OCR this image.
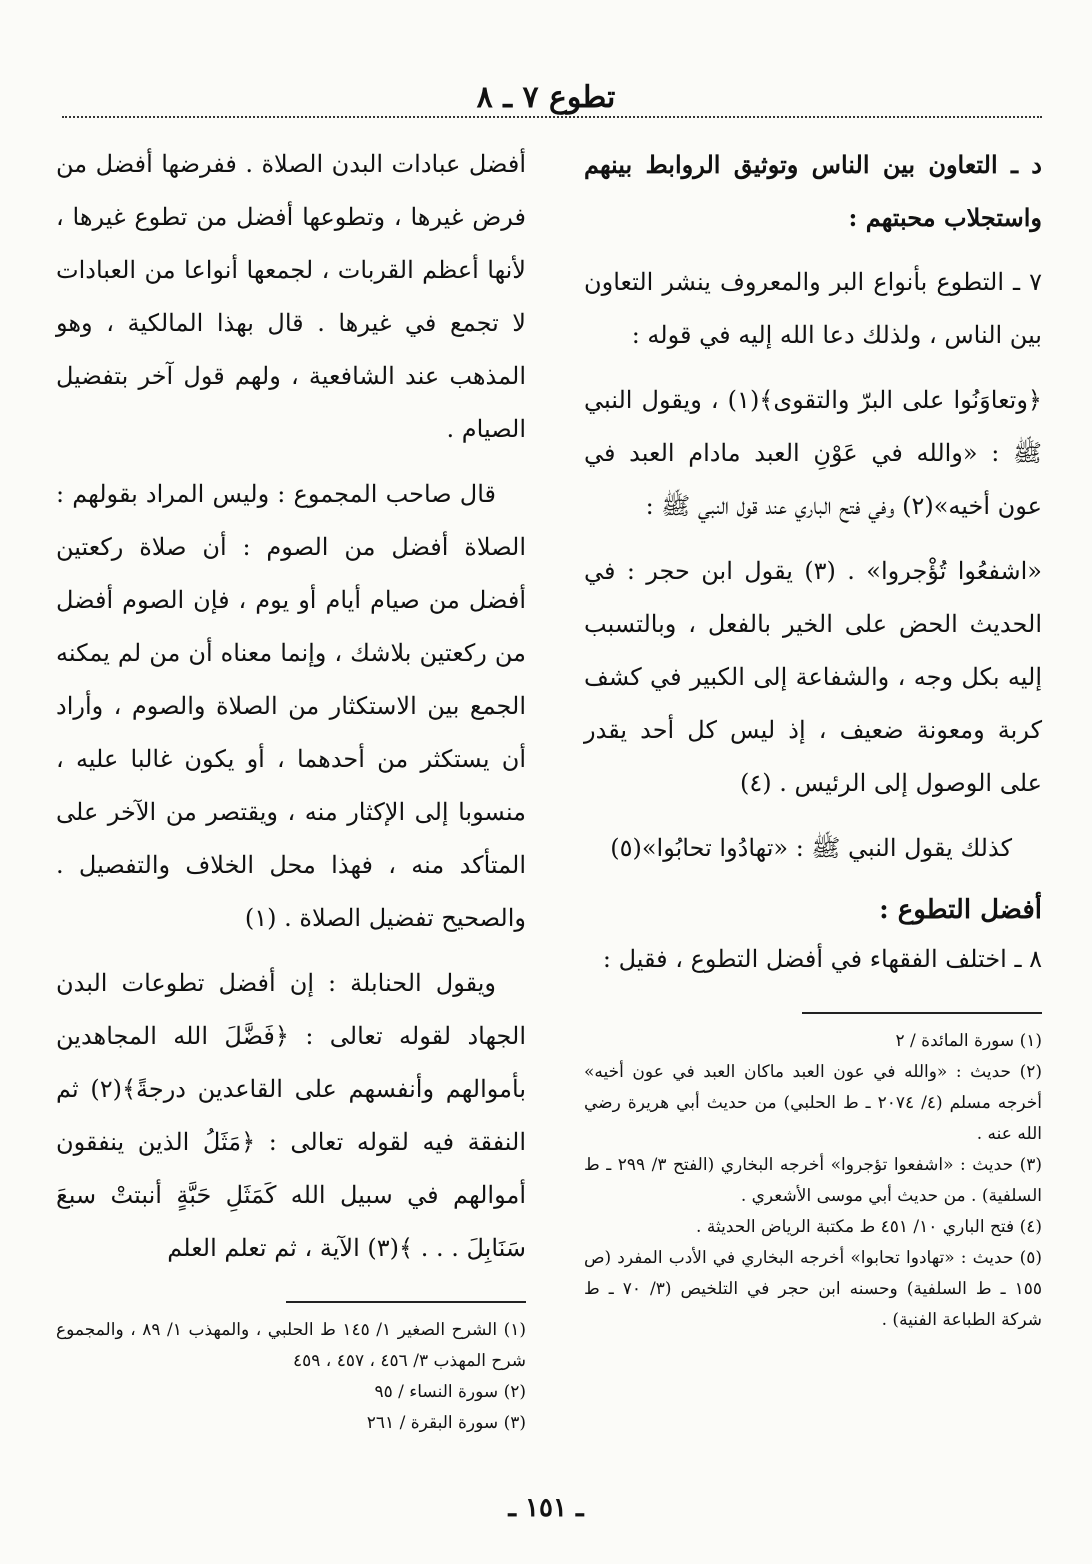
تطوع ٧ ـ ٨

د ـ التعاون بين الناس وتوثيق الروابط بينهم واستجلاب محبتهم :

٧ ـ التطوع بأنواع البر والمعروف ينشر التعاون بين الناس ، ولذلك دعا الله إليه في قوله :

﴿وتعاوَنُوا على البرّ والتقوى﴾(١) ، ويقول النبي ﷺ : «والله في عَوْنِ العبد مادام العبد في عون أخيه»(٢) وفي فتح الباري عند قول النبي ﷺ :

«اشفعُوا تُؤْجروا» . (٣) يقول ابن حجر : في الحديث الحض على الخير بالفعل ، وبالتسبب إليه بكل وجه ، والشفاعة إلى الكبير في كشف كربة ومعونة ضعيف ، إذ ليس كل أحد يقدر على الوصول إلى الرئيس . (٤)

كذلك يقول النبي ﷺ : «تهادُوا تحابُوا»(٥)

أفضل التطوع :

٨ ـ اختلف الفقهاء في أفضل التطوع ، فقيل :

(١) سورة المائدة / ٢
(٢) حديث : «والله في عون العبد ماكان العبد في عون أخيه» أخرجه مسلم (٤/ ٢٠٧٤ ـ ط الحلبي) من حديث أبي هريرة رضي الله عنه .
(٣) حديث : «اشفعوا تؤجروا» أخرجه البخاري (الفتح ٣/ ٢٩٩ ـ ط السلفية) . من حديث أبي موسى الأشعري .
(٤) فتح الباري ١٠/ ٤٥١ ط مكتبة الرياض الحديثة .
(٥) حديث : «تهادوا تحابوا» أخرجه البخاري في الأدب المفرد (ص ١٥٥ ـ ط السلفية) وحسنه ابن حجر في التلخيص (٣/ ٧٠ ـ ط شركة الطباعة الفنية) .

أفضل عبادات البدن الصلاة . ففرضها أفضل من فرض غيرها ، وتطوعها أفضل من تطوع غيرها ، لأنها أعظم القربات ، لجمعها أنواعا من العبادات لا تجمع في غيرها . قال بهذا المالكية ، وهو المذهب عند الشافعية ، ولهم قول آخر بتفضيل الصيام .

قال صاحب المجموع : وليس المراد بقولهم : الصلاة أفضل من الصوم : أن صلاة ركعتين أفضل من صيام أيام أو يوم ، فإن الصوم أفضل من ركعتين بلاشك ، وإنما معناه أن من لم يمكنه الجمع بين الاستكثار من الصلاة والصوم ، وأراد أن يستكثر من أحدهما ، أو يكون غالبا عليه ، منسوبا إلى الإكثار منه ، ويقتصر من الآخر على المتأكد منه ، فهذا محل الخلاف والتفصيل . والصحيح تفضيل الصلاة . (١)

ويقول الحنابلة : إن أفضل تطوعات البدن الجهاد لقوله تعالى : ﴿فَضَّلَ الله المجاهدين بأموالهم وأنفسهم على القاعدين درجةً﴾(٢) ثم النفقة فيه لقوله تعالى : ﴿مَثَلُ الذين ينفقون أموالهم في سبيل الله كَمَثَلِ حَبَّةٍ أنبتتْ سبعَ سَنَابِلَ . . . ﴾(٣) الآية ، ثم تعلم العلم

(١) الشرح الصغير ١/ ١٤٥ ط الحلبي ، والمهذب ١/ ٨٩ ، والمجموع شرح المهذب ٣/ ٤٥٦ ، ٤٥٧ ، ٤٥٩
(٢) سورة النساء / ٩٥
(٣) سورة البقرة / ٢٦١
ـ ١٥١ ـ
